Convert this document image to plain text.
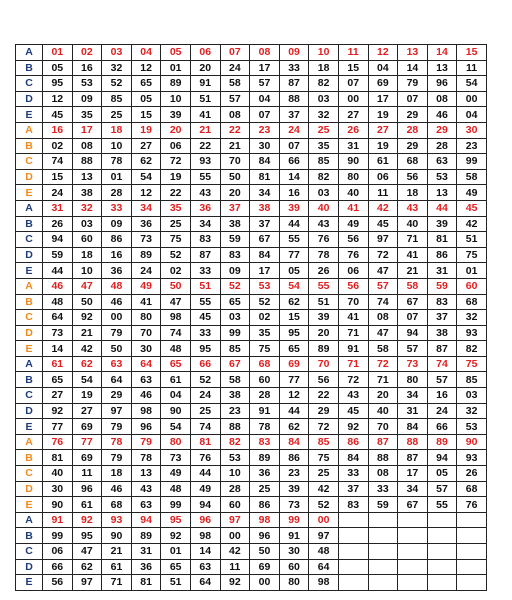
A	01	02	03	04	05	06	07	08	09	10	11	12	13	14	15
B	05	16	32	12	01	20	24	17	33	18	15	04	14	13	11
C	95	53	52	65	89	91	58	57	87	82	07	69	79	96	54
D	12	09	85	05	10	51	57	04	88	03	00	17	07	08	00
E	45	35	25	15	39	41	08	07	37	32	27	19	29	46	04
A	16	17	18	19	20	21	22	23	24	25	26	27	28	29	30
B	02	08	10	27	06	22	21	30	07	35	31	19	29	28	23
C	74	88	78	62	72	93	70	84	66	85	90	61	68	63	99
D	15	13	01	54	19	55	50	81	14	82	80	06	56	53	58
E	24	38	28	12	22	43	20	34	16	03	40	11	18	13	49
A	31	32	33	34	35	36	37	38	39	40	41	42	43	44	45
B	26	03	09	36	25	34	38	37	44	43	49	45	40	39	42
C	94	60	86	73	75	83	59	67	55	76	56	97	71	81	51
D	59	18	16	89	52	87	83	84	77	78	76	72	41	86	75
E	44	10	36	24	02	33	09	17	05	26	06	47	21	31	01
A	46	47	48	49	50	51	52	53	54	55	56	57	58	59	60
B	48	50	46	41	47	55	65	52	62	51	70	74	67	83	68
C	64	92	00	80	98	45	03	02	15	39	41	08	07	37	32
D	73	21	79	70	74	33	99	35	95	20	71	47	94	38	93
E	14	42	50	30	48	95	85	75	65	89	91	58	57	87	82
A	61	62	63	64	65	66	67	68	69	70	71	72	73	74	75
B	65	54	64	63	61	52	58	60	77	56	72	71	80	57	85
C	27	19	29	46	04	24	38	28	12	22	43	20	34	16	03
D	92	27	97	98	90	25	23	91	44	29	45	40	31	24	32
E	77	69	79	96	54	74	88	78	62	72	92	70	84	66	53
A	76	77	78	79	80	81	82	83	84	85	86	87	88	89	90
B	81	69	79	78	73	76	53	89	86	75	84	88	87	94	93
C	40	11	18	13	49	44	10	36	23	25	33	08	17	05	26
D	30	96	46	43	48	49	28	25	39	42	37	33	34	57	68
E	90	61	68	63	99	94	60	86	73	52	83	59	67	55	76
A	91	92	93	94	95	96	97	98	99	00					
B	99	95	90	89	92	98	00	96	91	97					
C	06	47	21	31	01	14	42	50	30	48					
D	66	62	61	36	65	63	11	69	60	64					
E	56	97	71	81	51	64	92	00	80	98					
